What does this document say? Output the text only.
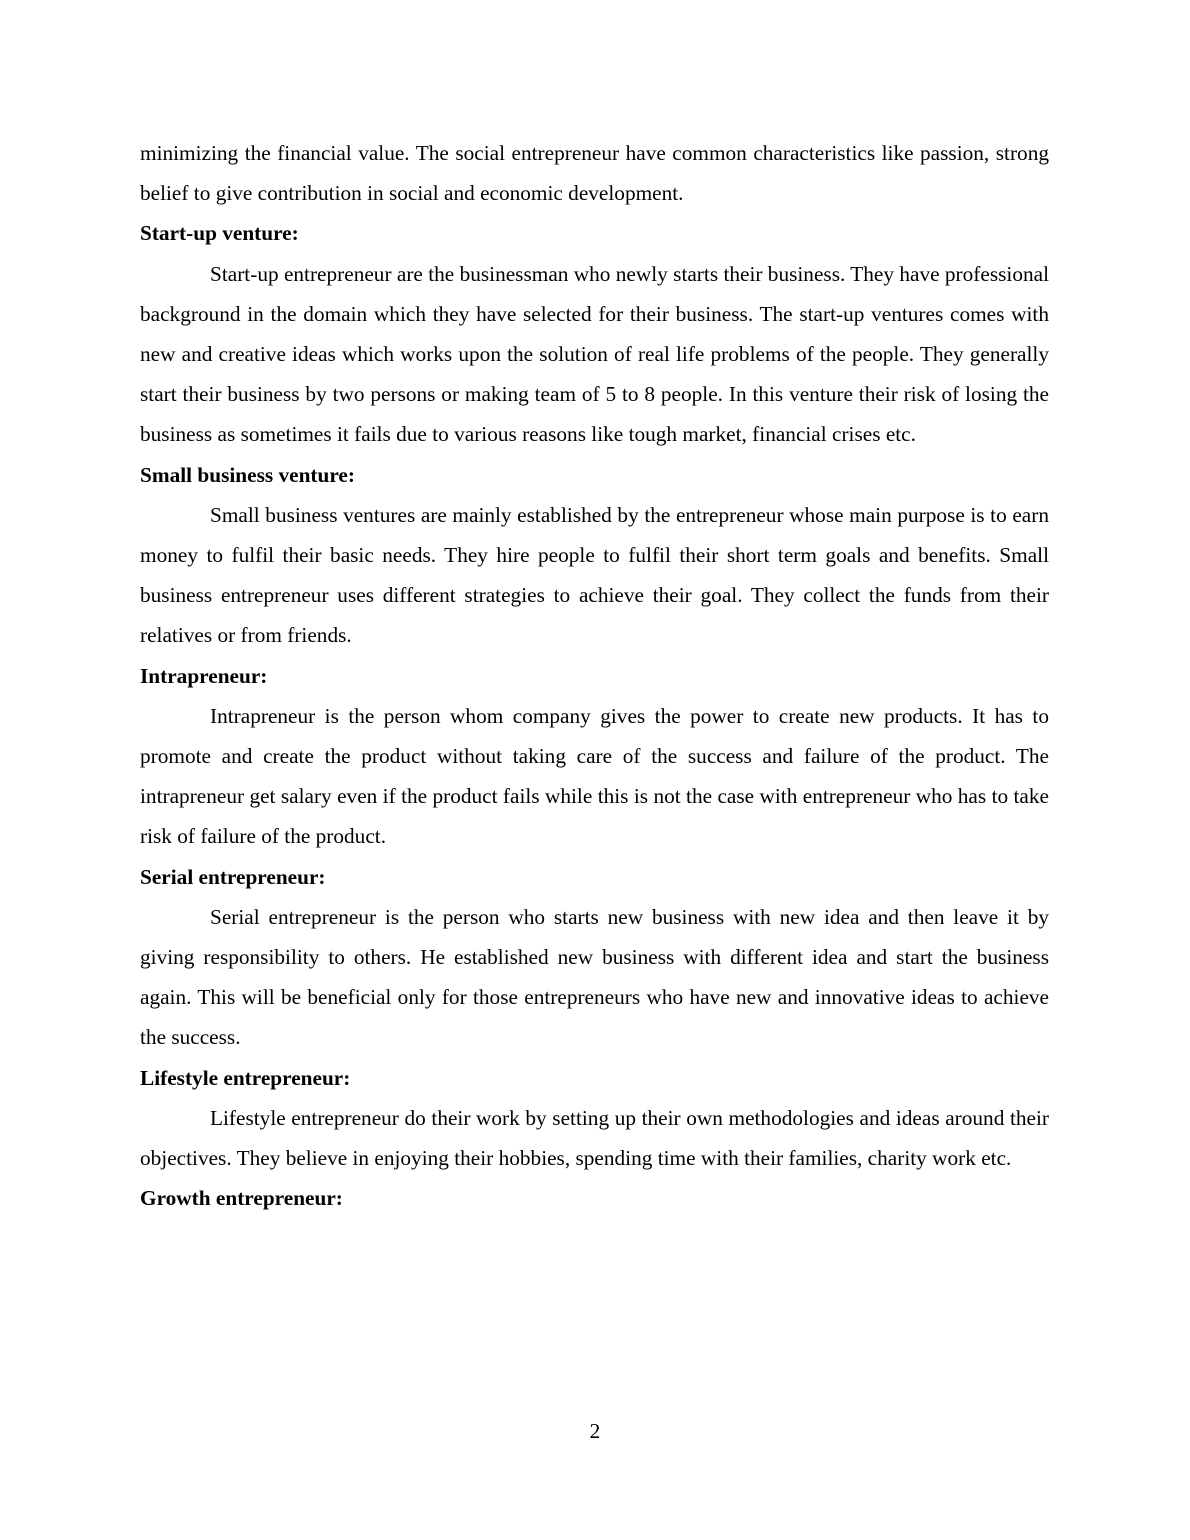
minimizing the financial value. The social entrepreneur have common characteristics like passion, strong belief to give contribution in social and economic development.

Start-up venture:

Start-up entrepreneur are the businessman who newly starts their business. They have professional background in the domain which they have selected for their business. The start-up ventures comes with new and creative ideas which works upon the solution of real life problems of the people. They generally start their business by two persons or making team of 5 to 8 people. In this venture their risk of losing the business as sometimes it fails due to various reasons like tough market, financial crises etc.

Small business venture:

Small business ventures are mainly established by the entrepreneur whose main purpose is to earn money to fulfil their basic needs. They hire people to fulfil their short term goals and benefits. Small business entrepreneur uses different strategies to achieve their goal. They collect the funds from their relatives or from friends.

Intrapreneur:

Intrapreneur is the person whom company gives the power to create new products. It has to promote and create the product without taking care of the success and failure of the product. The intrapreneur get salary even if the product fails while this is not the case with entrepreneur who has to take risk of failure of the product.

Serial entrepreneur:

Serial entrepreneur is the person who starts new business with new idea and then leave it by giving responsibility to others. He established new business with different idea and start the business again. This will be beneficial only for those entrepreneurs who have new and innovative ideas to achieve the success.

Lifestyle entrepreneur:

Lifestyle entrepreneur do their work by setting up their own methodologies and ideas around their objectives. They believe in enjoying their hobbies, spending time with their families, charity work etc.

Growth entrepreneur:

2
